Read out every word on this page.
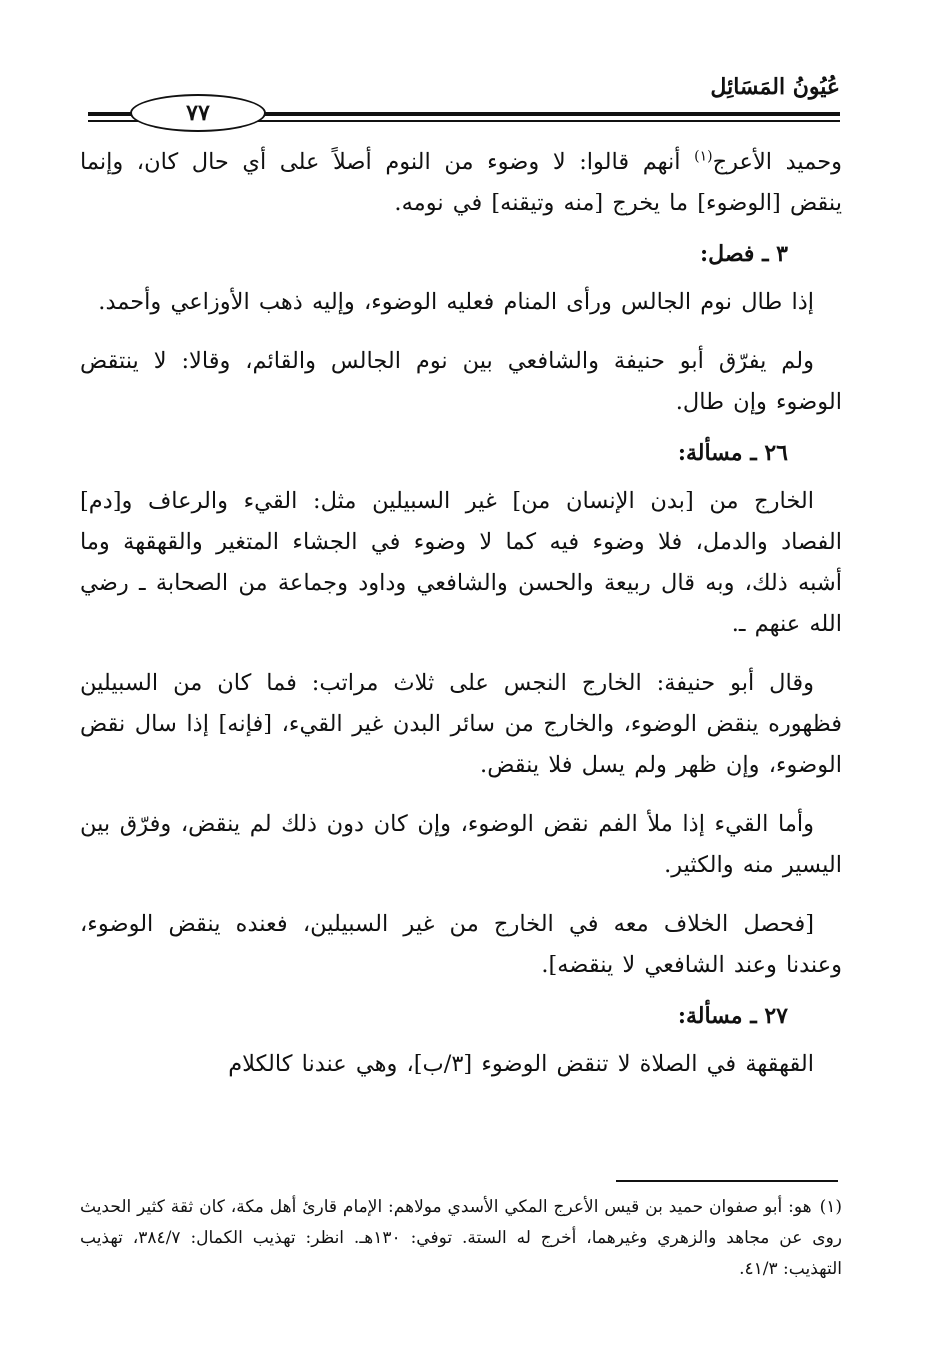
٧٧
عُيُونُ المَسَائِل

وحميد الأعرج$^{(١)}$ أنهم قالوا: لا وضوء من النوم أصلاً على أي حال كان، وإنما ينقض [الوضوء] ما يخرج [منه وتيقنه] في نومه.

٣ ـ فصل:

إذا طال نوم الجالس ورأى المنام فعليه الوضوء، وإليه ذهب الأوزاعي وأحمد.

ولم يفرّق أبو حنيفة والشافعي بين نوم الجالس والقائم، وقالا: لا ينتقض الوضوء وإن طال.

٢٦ ـ مسألة:

الخارج من [بدن الإنسان من] غير السبيلين مثل: القيء والرعاف و[دم] الفصاد والدمل، فلا وضوء فيه كما لا وضوء في الجشاء المتغير والقهقهة وما أشبه ذلك، وبه قال ربيعة والحسن والشافعي وداود وجماعة من الصحابة ـ رضي الله عنهم ـ.

وقال أبو حنيفة: الخارج النجس على ثلاث مراتب: فما كان من السبيلين فظهوره ينقض الوضوء، والخارج من سائر البدن غير القيء، [فإنه] إذا سال نقض الوضوء، وإن ظهر ولم يسل فلا ينقض.

وأما القيء إذا ملأ الفم نقض الوضوء، وإن كان دون ذلك لم ينقض، وفرّق بين اليسير منه والكثير.

[فحصل الخلاف معه في الخارج من غير السبيلين، فعنده ينقض الوضوء، وعندنا وعند الشافعي لا ينقضه].

٢٧ ـ مسألة:

القهقهة في الصلاة لا تنقض الوضوء [٣/ب]، وهي عندنا كالكلام

(١)هو: أبو صفوان حميد بن قيس الأعرج المكي الأسدي مولاهم: الإمام قارئ أهل مكة، كان ثقة كثير الحديث روى عن مجاهد والزهري وغيرهما، أخرج له الستة. توفي: ١٣٠هـ. انظر: تهذيب الكمال: ٣٨٤/٧، تهذيب التهذيب: ٤١/٣.
